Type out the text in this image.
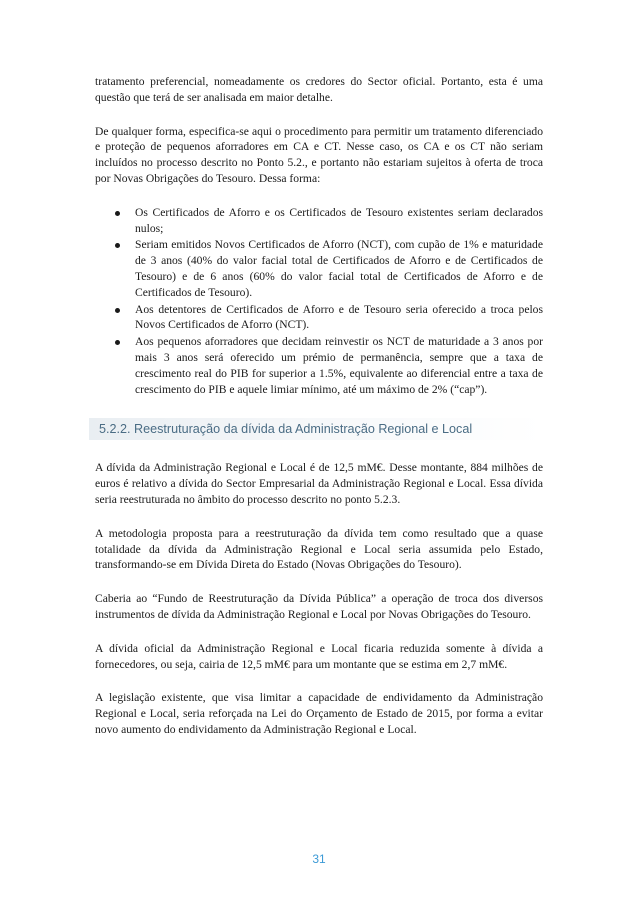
tratamento preferencial, nomeadamente os credores do Sector oficial. Portanto, esta é uma questão que terá de ser analisada em maior detalhe.

De qualquer forma, especifica-se aqui o procedimento para permitir um tratamento diferenciado e proteção de pequenos aforradores em CA e CT. Nesse caso, os CA e os CT não seriam incluídos no processo descrito no Ponto 5.2., e portanto não estariam sujeitos à oferta de troca por Novas Obrigações do Tesouro. Dessa forma:

Os Certificados de Aforro e os Certificados de Tesouro existentes seriam declarados nulos;
Seriam emitidos Novos Certificados de Aforro (NCT), com cupão de 1% e maturidade de 3 anos (40% do valor facial total de Certificados de Aforro e de Certificados de Tesouro) e de 6 anos (60% do valor facial total de Certificados de Aforro e de Certificados de Tesouro).
Aos detentores de Certificados de Aforro e de Tesouro seria oferecido a troca pelos Novos Certificados de Aforro (NCT).
Aos pequenos aforradores que decidam reinvestir os NCT de maturidade a 3 anos por mais 3 anos será oferecido um prémio de permanência, sempre que a taxa de crescimento real do PIB for superior a 1.5%, equivalente ao diferencial entre a taxa de crescimento do PIB e aquele limiar mínimo, até um máximo de 2% (“cap”).
5.2.2. Reestruturação da dívida da Administração Regional e Local

A dívida da Administração Regional e Local é de 12,5 mM€. Desse montante, 884 milhões de euros é relativo a dívida do Sector Empresarial da Administração Regional e Local. Essa dívida seria reestruturada no âmbito do processo descrito no ponto 5.2.3.

A metodologia proposta para a reestruturação da dívida tem como resultado que a quase totalidade da dívida da Administração Regional e Local seria assumida pelo Estado, transformando-se em Dívida Direta do Estado (Novas Obrigações do Tesouro).

Caberia ao “Fundo de Reestruturação da Dívida Pública” a operação de troca dos diversos instrumentos de dívida da Administração Regional e Local por Novas Obrigações do Tesouro.

A dívida oficial da Administração Regional e Local ficaria reduzida somente à dívida a fornecedores, ou seja, cairia de 12,5 mM€ para um montante que se estima em 2,7 mM€.

A legislação existente, que visa limitar a capacidade de endividamento da Administração Regional e Local, seria reforçada na Lei do Orçamento de Estado de 2015, por forma a evitar novo aumento do endividamento da Administração Regional e Local.

31
